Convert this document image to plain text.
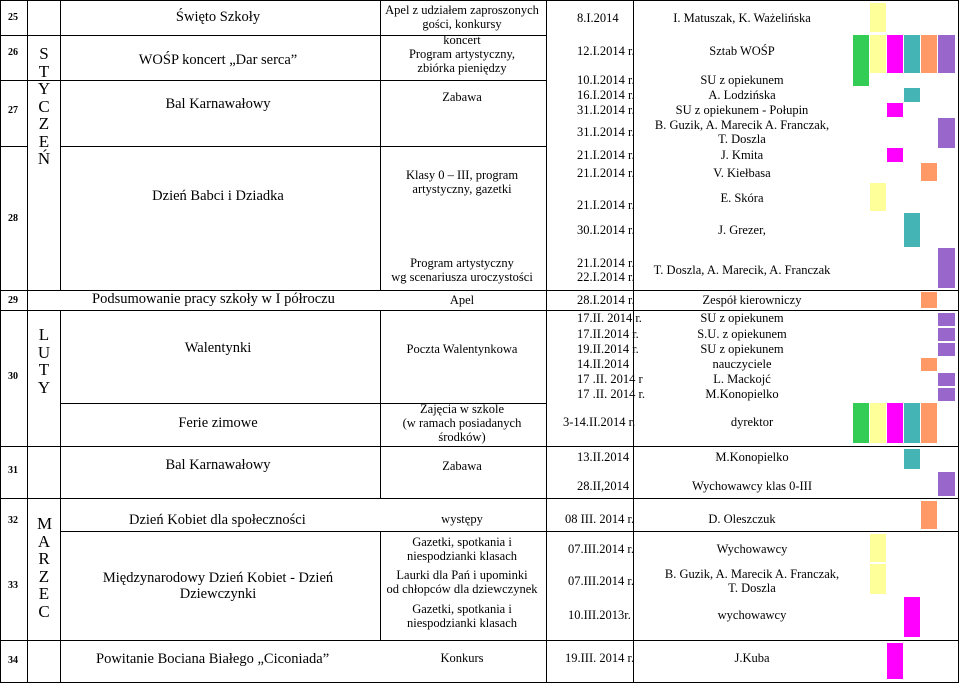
25
26
27
28
29
30
31
32
33
34
S
T
Y
C
Z
E
Ń
L
U
T
Y
M
A
R
Z
E
C
Święto Szkoły
WOŚP koncert „Dar serca”
Bal Karnawałowy
Dzień Babci i Dziadka
Podsumowanie pracy szkoły w I półroczu
Walentynki
Ferie zimowe
Bal Karnawałowy
Dzień Kobiet dla społeczności
Międzynarodowy Dzień Kobiet - Dzień
Dziewczynki
Powitanie Bociana Białego „Ciconiada”
Apel z udziałem zaproszonych
gości, konkursy
koncert
Program artystyczny,
zbiórka pieniędzy
Zabawa
Klasy 0 – III, program
artystyczny, gazetki
Program artystyczny
wg scenariusza uroczystości
Apel
Poczta Walentynkowa
Zajęcia w szkole
(w ramach posiadanych
środków)
Zabawa
występy
Gazetki, spotkania i
niespodzianki klasach
Laurki dla Pań i upominki
od chłopców dla dziewczynek
Gazetki, spotkania i
niespodzianki klasach
Konkurs
8.I.2014
12.I.2014 r.
10.I.2014 r.
16.I.2014 r.
31.I.2014 r.
31.I.2014 r.
21.I.2014 r.
21.I.2014 r.
21.I.2014 r.
30.I.2014 r.
21.I.2014 r.
22.I.2014 r.
28.I.2014 r.
17.II. 2014 r.
17.II.2014 r.
19.II.2014 r.
14.II.2014
17 .II. 2014 r
17 .II. 2014 r.
3-14.II.2014 r.
13.II.2014
28.II,2014
08 III. 2014 r.
07.III.2014 r.
07.III.2014 r.
10.III.2013r.
19.III. 2014 r.
I. Matuszak, K. Ważelińska
Sztab WOŚP
SU z opiekunem
A. Lodzińska
SU z opiekunem - Połupin
B. Guzik, A. Marecik A. Franczak,
T. Doszla
J. Kmita
V. Kiełbasa
E. Skóra
J. Grezer,
T. Doszla, A. Marecik, A. Franczak
Zespół kierowniczy
SU z opiekunem
S.U. z opiekunem
SU z opiekunem
nauczyciele
L. Mackojć
M.Konopielko
dyrektor
M.Konopielko
Wychowawcy klas 0-III
D. Oleszczuk
Wychowawcy
B. Guzik, A. Marecik A. Franczak,
T. Doszla
wychowawcy
J.Kuba
